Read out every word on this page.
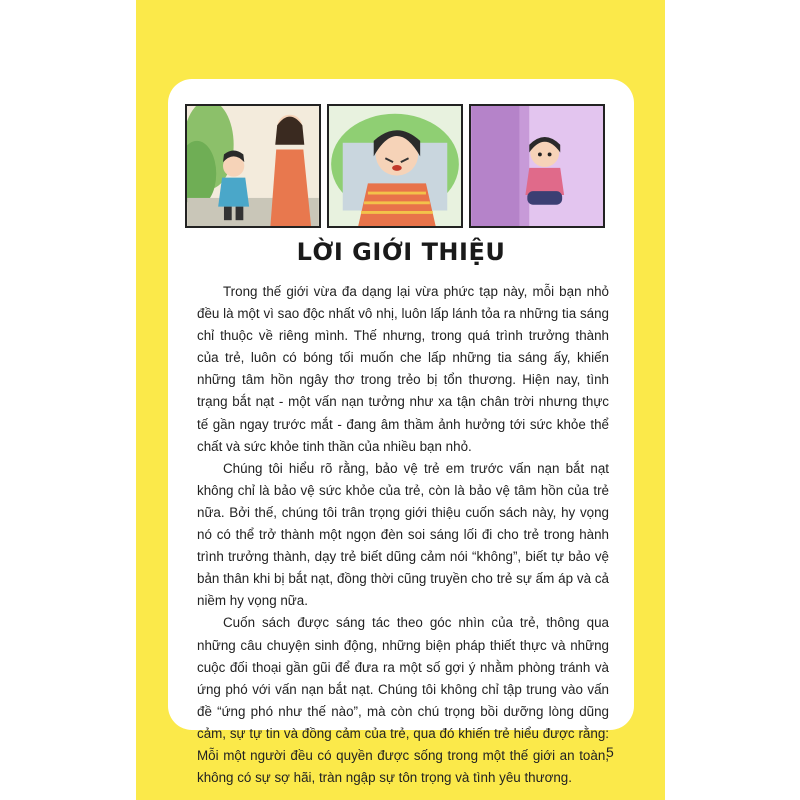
LỜI GIỚI THIỆU

Trong thế giới vừa đa dạng lại vừa phức tạp này, mỗi bạn nhỏ đều là một vì sao độc nhất vô nhị, luôn lấp lánh tỏa ra những tia sáng chỉ thuộc về riêng mình. Thế nhưng, trong quá trình trưởng thành của trẻ, luôn có bóng tối muốn che lấp những tia sáng ấy, khiến những tâm hồn ngây thơ trong trẻo bị tổn thương. Hiện nay, tình trạng bắt nạt - một vấn nạn tưởng như xa tận chân trời nhưng thực tế gần ngay trước mắt - đang âm thầm ảnh hưởng tới sức khỏe thể chất và sức khỏe tinh thần của nhiều bạn nhỏ.

Chúng tôi hiểu rõ rằng, bảo vệ trẻ em trước vấn nạn bắt nạt không chỉ là bảo vệ sức khỏe của trẻ, còn là bảo vệ tâm hồn của trẻ nữa. Bởi thế, chúng tôi trân trọng giới thiệu cuốn sách này, hy vọng nó có thể trở thành một ngọn đèn soi sáng lối đi cho trẻ trong hành trình trưởng thành, dạy trẻ biết dũng cảm nói “không”, biết tự bảo vệ bản thân khi bị bắt nạt, đồng thời cũng truyền cho trẻ sự ấm áp và cả niềm hy vọng nữa.

Cuốn sách được sáng tác theo góc nhìn của trẻ, thông qua những câu chuyện sinh động, những biện pháp thiết thực và những cuộc đối thoại gần gũi để đưa ra một số gợi ý nhằm phòng tránh và ứng phó với vấn nạn bắt nạt. Chúng tôi không chỉ tập trung vào vấn đề “ứng phó như thế nào”, mà còn chú trọng bồi dưỡng lòng dũng cảm, sự tự tin và đồng cảm của trẻ, qua đó khiến trẻ hiểu được rằng: Mỗi một người đều có quyền được sống trong một thế giới an toàn, không có sự sợ hãi, tràn ngập sự tôn trọng và tình yêu thương.

5
